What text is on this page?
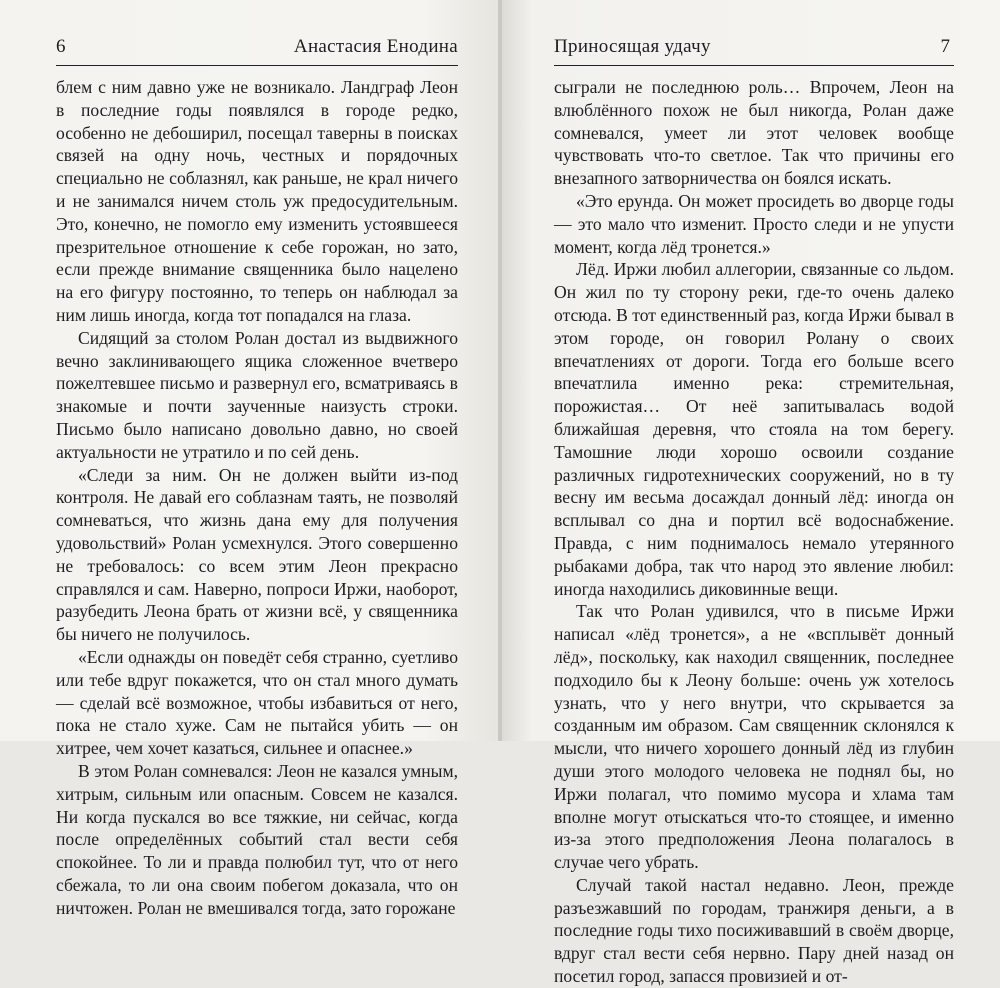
6	Анастасия Енодина

блем с ним давно уже не возникало. Ландграф Леон в последние годы появлялся в городе редко, особенно не дебоширил, посещал таверны в поисках связей на одну ночь, честных и порядочных специально не соблазнял, как раньше, не крал ничего и не занимался ничем столь уж предосудительным. Это, конечно, не помогло ему изменить устоявшееся презрительное отношение к себе горожан, но зато, если прежде внимание священника было нацелено на его фигуру постоянно, то теперь он наблюдал за ним лишь иногда, когда тот попадался на глаза.

Сидящий за столом Ролан достал из выдвижного вечно заклинивающего ящика сложенное вчетверо пожелтевшее письмо и развернул его, всматриваясь в знакомые и почти заученные наизусть строки. Письмо было написано довольно давно, но своей актуальности не утратило и по сей день.

«Следи за ним. Он не должен выйти из-под контроля. Не давай его соблазнам таять, не позволяй сомневаться, что жизнь дана ему для получения удовольствий» Ролан усмехнулся. Этого совершенно не требовалось: со всем этим Леон прекрасно справлялся и сам. Наверно, попроси Иржи, наоборот, разубедить Леона брать от жизни всё, у священника бы ничего не получилось.

«Если однажды он поведёт себя странно, суетливо или тебе вдруг покажется, что он стал много думать — сделай всё возможное, чтобы избавиться от него, пока не стало хуже. Сам не пытайся убить — он хитрее, чем хочет казаться, сильнее и опаснее.»

В этом Ролан сомневался: Леон не казался умным, хитрым, сильным или опасным. Совсем не казался. Ни когда пускался во все тяжкие, ни сейчас, когда после определённых событий стал вести себя спокойнее. То ли и правда полюбил тут, что от него сбежала, то ли она своим побегом доказала, что он ничтожен. Ролан не вмешивался тогда, зато горожане

Приносящая удачу	7

сыграли не последнюю роль… Впрочем, Леон на влюблённого похож не был никогда, Ролан даже сомневался, умеет ли этот человек вообще чувствовать что-то светлое. Так что причины его внезапного затворничества он боялся искать.

«Это ерунда. Он может просидеть во дворце годы — это мало что изменит. Просто следи и не упусти момент, когда лёд тронется.»

Лёд. Иржи любил аллегории, связанные со льдом. Он жил по ту сторону реки, где-то очень далеко отсюда. В тот единственный раз, когда Иржи бывал в этом городе, он говорил Ролану о своих впечатлениях от дороги. Тогда его больше всего впечатлила именно река: стремительная, порожистая… От неё запитывалась водой ближайшая деревня, что стояла на том берегу. Тамошние люди хорошо освоили создание различных гидротехнических сооружений, но в ту весну им весьма досаждал донный лёд: иногда он всплывал со дна и портил всё водоснабжение. Правда, с ним поднималось немало утерянного рыбаками добра, так что народ это явление любил: иногда находились диковинные вещи.

Так что Ролан удивился, что в письме Иржи написал «лёд тронется», а не «всплывёт донный лёд», поскольку, как находил священник, последнее подходило бы к Леону больше: очень уж хотелось узнать, что у него внутри, что скрывается за созданным им образом. Сам священник склонялся к мысли, что ничего хорошего донный лёд из глубин души этого молодого человека не поднял бы, но Иржи полагал, что помимо мусора и хлама там вполне могут отыскаться что-то стоящее, и именно из-за этого предположения Леона полагалось в случае чего убрать.

Случай такой настал недавно. Леон, прежде разъезжавший по городам, транжиря деньги, а в последние годы тихо посиживавший в своём дворце, вдруг стал вести себя нервно. Пару дней назад он посетил город, запасся провизией и от-
